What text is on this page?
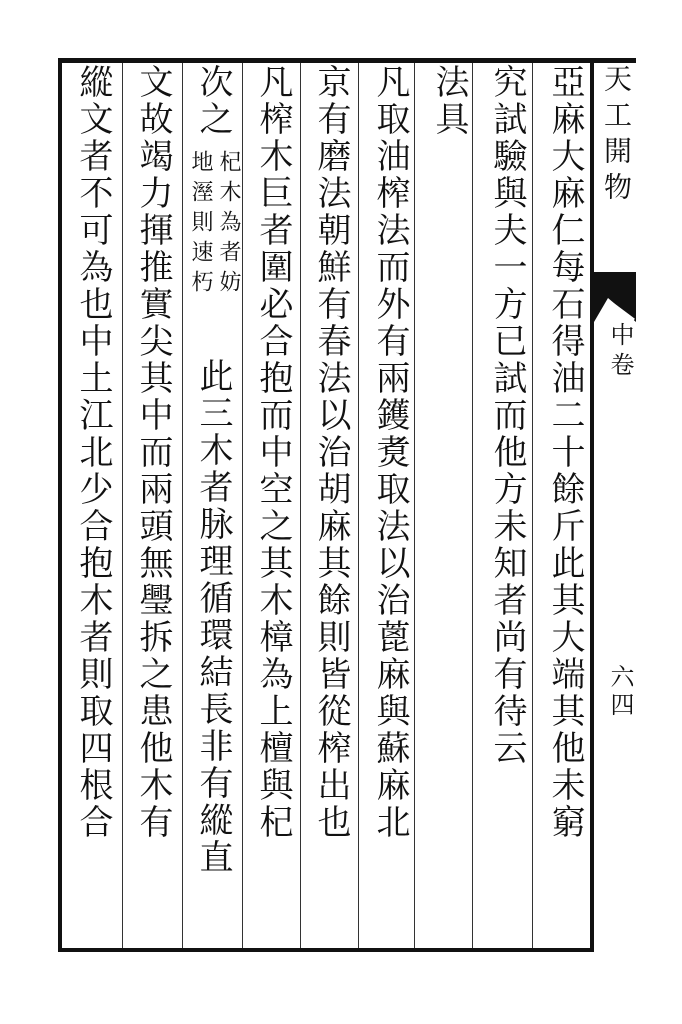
天工開物
中卷
六四
亞麻大麻仁每石得油二十餘斤此其大端其他未窮
究試驗與夫一方已試而他方未知者尚有待云
法具
凡取油榨法而外有兩鑊煑取法以治蓖麻與蘇麻北
京有磨法朝鮮有春法以治胡麻其餘則皆從榨出也
凡榨木巨者圍必合抱而中空之其木樟為上檀與杞
次之
杞木為者妨
地溼則速朽
此三木者脉理循環結長非有縱直
文故竭力揮推實尖其中而兩頭無璺拆之患他木有
縱文者不可為也中土江北少合抱木者則取四根合
